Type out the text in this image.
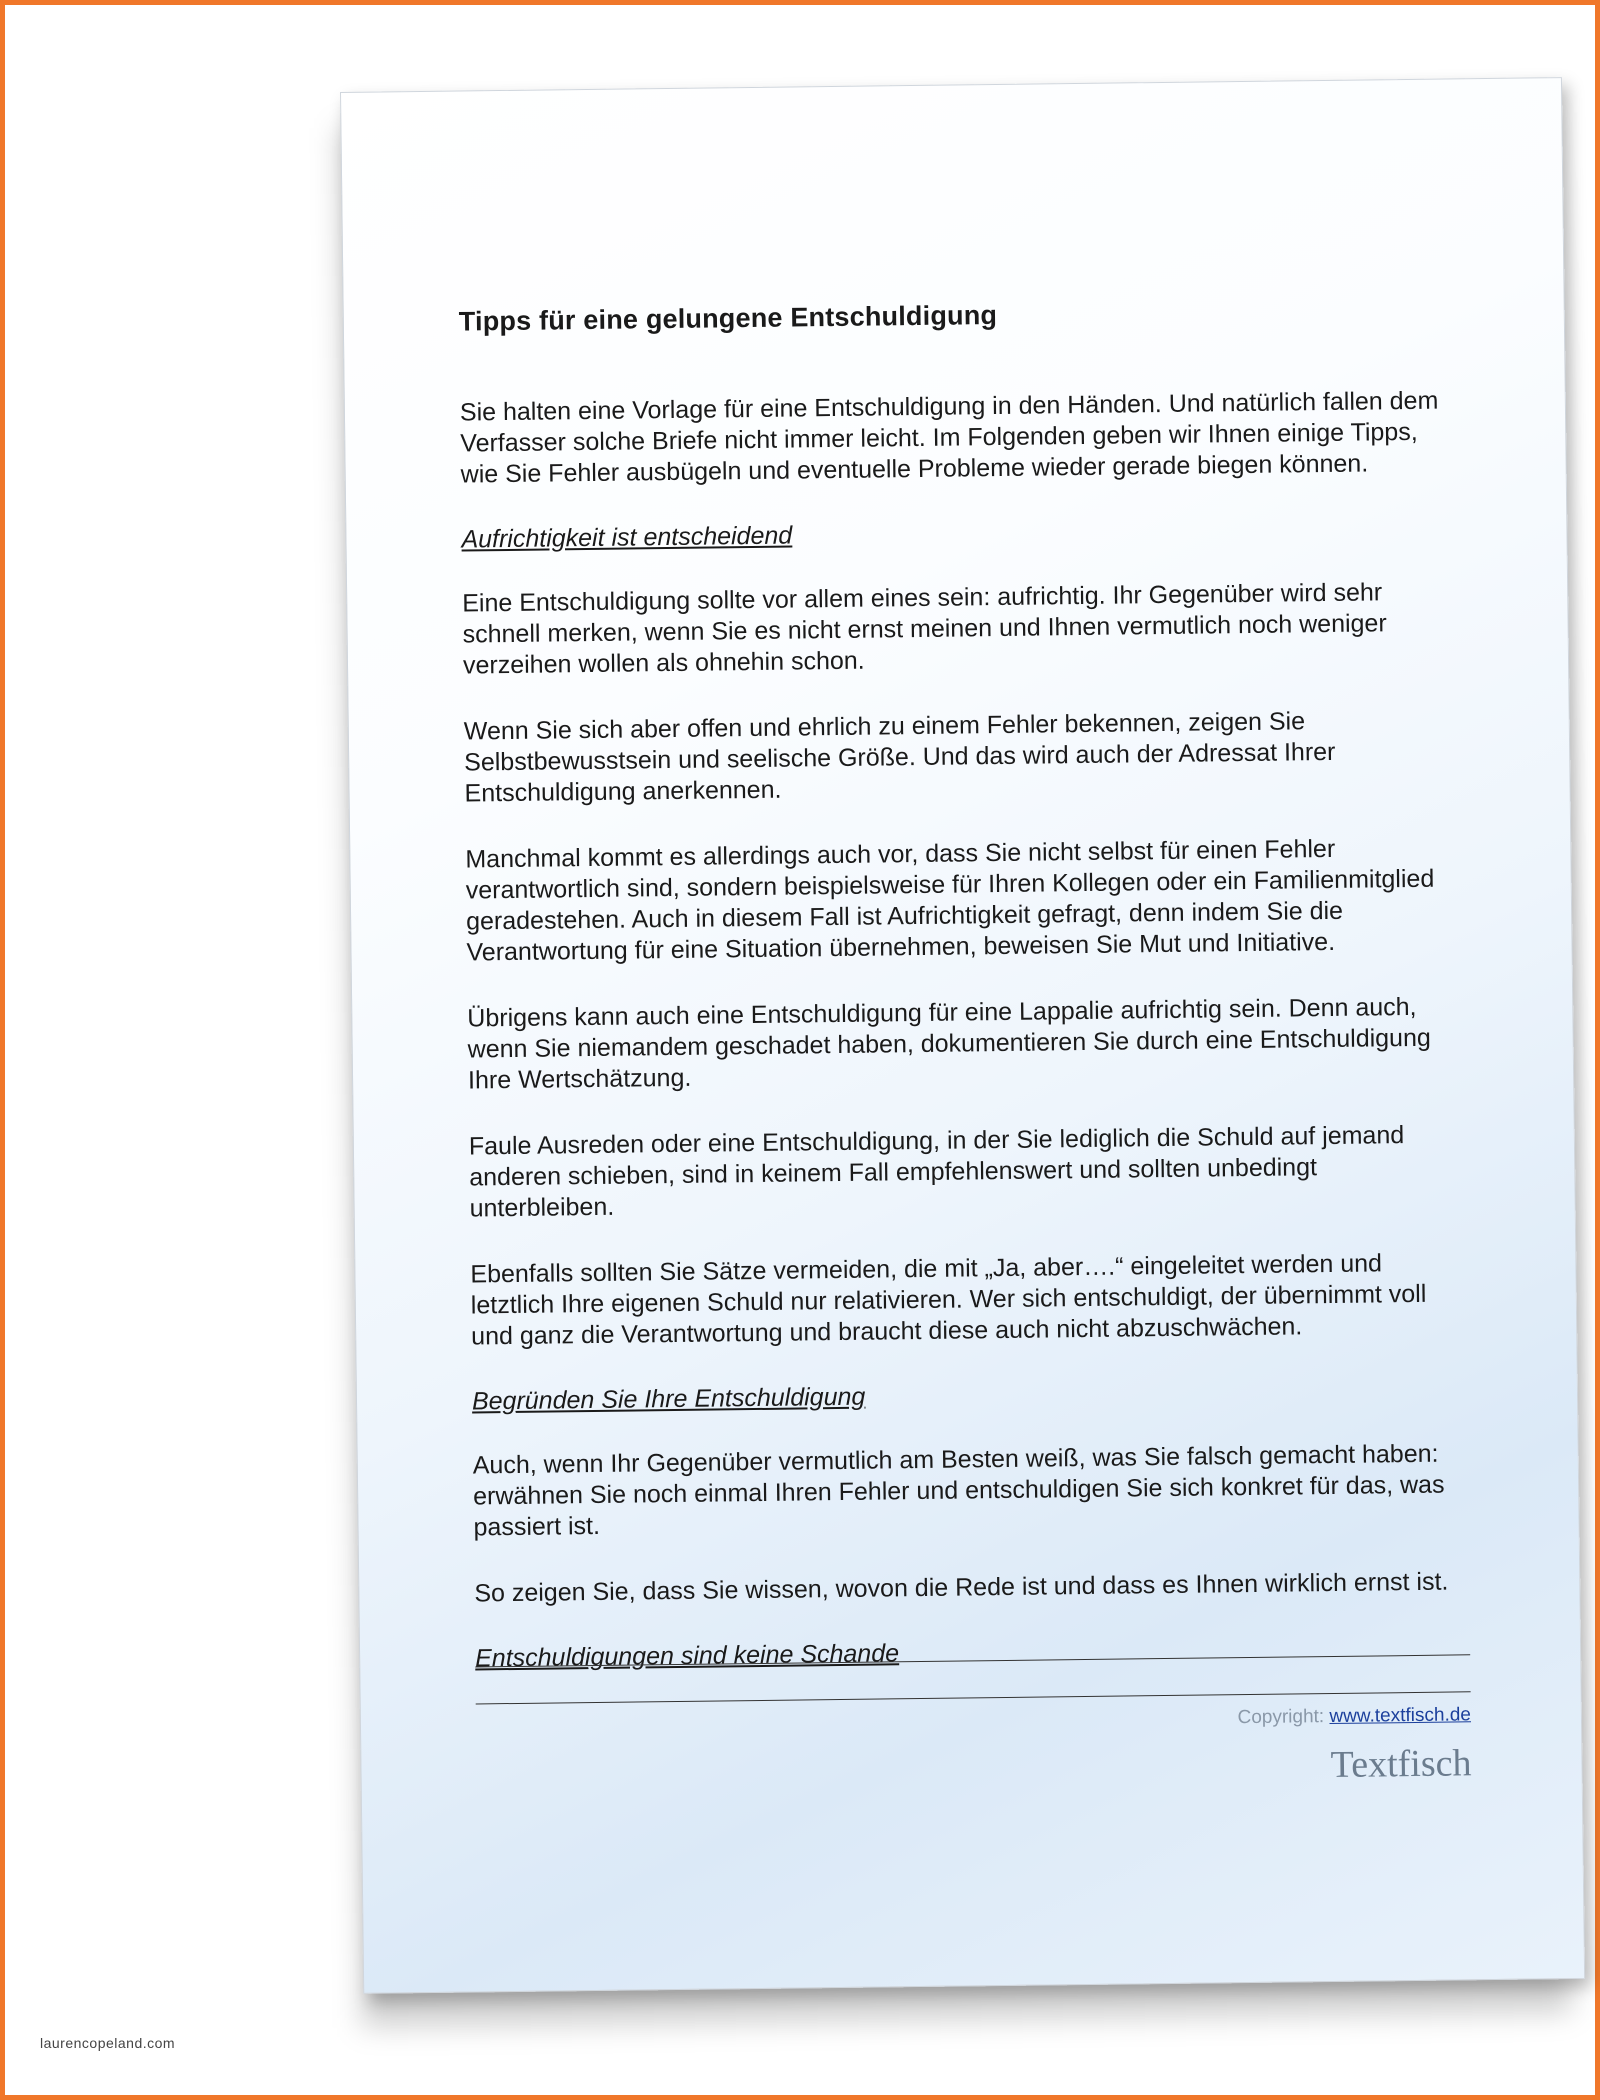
Tipps für eine gelungene Entschuldigung

Sie halten eine Vorlage für eine Entschuldigung in den Händen. Und natürlich fallen dem Verfasser solche Briefe nicht immer leicht. Im Folgenden geben wir Ihnen einige Tipps, wie Sie Fehler ausbügeln und eventuelle Probleme wieder gerade biegen können.

Aufrichtigkeit ist entscheidend

Eine Entschuldigung sollte vor allem eines sein: aufrichtig. Ihr Gegenüber wird sehr schnell merken, wenn Sie es nicht ernst meinen und Ihnen vermutlich noch weniger verzeihen wollen als ohnehin schon.

Wenn Sie sich aber offen und ehrlich zu einem Fehler bekennen, zeigen Sie Selbstbewusstsein und seelische Größe. Und das wird auch der Adressat Ihrer Entschuldigung anerkennen.

Manchmal kommt es allerdings auch vor, dass Sie nicht selbst für einen Fehler verantwortlich sind, sondern beispielsweise für Ihren Kollegen oder ein Familienmitglied geradestehen. Auch in diesem Fall ist Aufrichtigkeit gefragt, denn indem Sie die Verantwortung für eine Situation übernehmen, beweisen Sie Mut und Initiative.

Übrigens kann auch eine Entschuldigung für eine Lappalie aufrichtig sein. Denn auch, wenn Sie niemandem geschadet haben, dokumentieren Sie durch eine Entschuldigung Ihre Wertschätzung.

Faule Ausreden oder eine Entschuldigung, in der Sie lediglich die Schuld auf jemand anderen schieben, sind in keinem Fall empfehlenswert und sollten unbedingt unterbleiben.

Ebenfalls sollten Sie Sätze vermeiden, die mit „Ja, aber….“ eingeleitet werden und letztlich Ihre eigenen Schuld nur relativieren. Wer sich entschuldigt, der übernimmt voll und ganz die Verantwortung und braucht diese auch nicht abzuschwächen.

Begründen Sie Ihre Entschuldigung

Auch, wenn Ihr Gegenüber vermutlich am Besten weiß, was Sie falsch gemacht haben: erwähnen Sie noch einmal Ihren Fehler und entschuldigen Sie sich konkret für das, was passiert ist.

So zeigen Sie, dass Sie wissen, wovon die Rede ist und dass es Ihnen wirklich ernst ist.

Entschuldigungen sind keine Schande
Copyright: www.textfisch.de
Textfisch
laurencopeland.com
